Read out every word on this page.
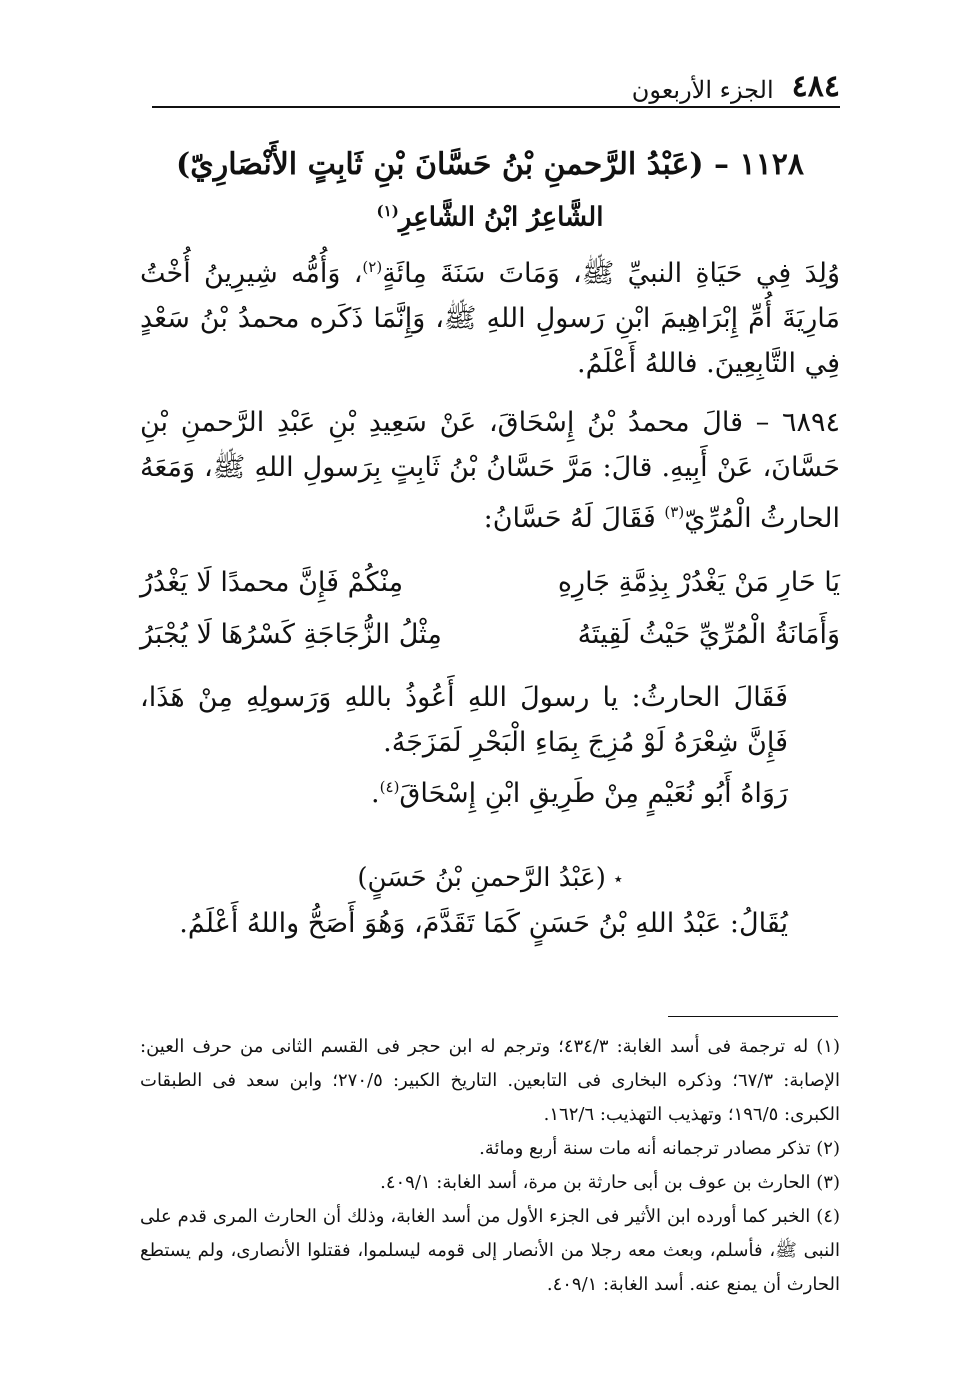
٤٨٤
الجزء الأربعون
١١٢٨ – (عَبْدُ الرَّحمنِ بْنُ حَسَّانَ بْنِ ثَابِتٍ الأَنْصَارِيّ)
الشَّاعِرُ ابْنُ الشَّاعِرِ$^{(١)}$

وُلِدَ فِي حَيَاةِ النبيِّ ﷺ، وَمَاتَ سَنَةَ مِائَةٍ$^{(٢)}$، وَأُمُّه شِيرِينُ أُخْتُ مَارِيَةَ أُمِّ إِبْرَاهِيمَ ابْنِ رَسولِ اللهِ ﷺ، وَإِنَّمَا ذَكَره محمدُ بْنُ سَعْدٍ فِي التَّابِعِينَ. فاللهُ أَعْلَمُ.

٦٨٩٤ – قالَ محمدُ بْنُ إِسْحَاقَ، عَنْ سَعِيدِ بْنِ عَبْدِ الرَّحمنِ بْنِ حَسَّانَ، عَنْ أَبِيهِ. قالَ: مَرَّ حَسَّانُ بْنُ ثَابِتٍ بِرَسولِ اللهِ ﷺ، وَمَعَهُ الحارثُ الْمُرِّيّ$^{(٣)}$ فَقَالَ لَهُ حَسَّانُ:

يَا حَارِ مَنْ يَغْدُرْ بِذِمَّةِ جَارِهِ
مِنْكُمْ فَإِنَّ محمدًا لَا يَغْدُرُ
وَأَمَانَةُ الْمُرِّيِّ حَيْثُ لَقِيتَهُ
مِثْلُ الزُّجَاجَةِ كَسْرُهَا لَا يُجْبَرُ

فَقَالَ الحارثُ: يا رسولَ اللهِ أَعُوذُ باللهِ وَرَسولِهِ مِنْ هَذَا، فَإِنَّ شِعْرَهُ لَوْ مُزِجَ بِمَاءِ الْبَحْرِ لَمَزَجَهُ.

رَوَاهُ أَبُو نُعَيْمٍ مِنْ طَرِيقِ ابْنِ إِسْحَاقَ$^{(٤)}$.

٭(عَبْدُ الرَّحمنِ بْنُ حَسَنٍ)

يُقَالُ: عَبْدُ اللهِ بْنُ حَسَنٍ كَمَا تَقَدَّمَ، وَهُوَ أَصَحُّ واللهُ أَعْلَمُ.

(١) له ترجمة فى أسد الغابة: ٤٣٤/٣؛ وترجم له ابن حجر فى القسم الثانى من حرف العين: الإصابة: ٦٧/٣؛ وذكره البخارى فى التابعين. التاريخ الكبير: ٢٧٠/٥؛ وابن سعد فى الطبقات الكبرى: ١٩٦/٥؛ وتهذيب التهذيب: ١٦٢/٦.

(٢) تذكر مصادر ترجمانه أنه مات سنة أربع ومائة.

(٣) الحارث بن عوف بن أبى حارثة بن مرة، أسد الغابة: ٤٠٩/١.

(٤) الخبر كما أورده ابن الأثير فى الجزء الأول من أسد الغابة، وذلك أن الحارث المرى قدم على النبى ﷺ، فأسلم، وبعث معه رجلا من الأنصار إلى قومه ليسلموا، فقتلوا الأنصارى، ولم يستطع الحارث أن يمنع عنه. أسد الغابة: ٤٠٩/١.
